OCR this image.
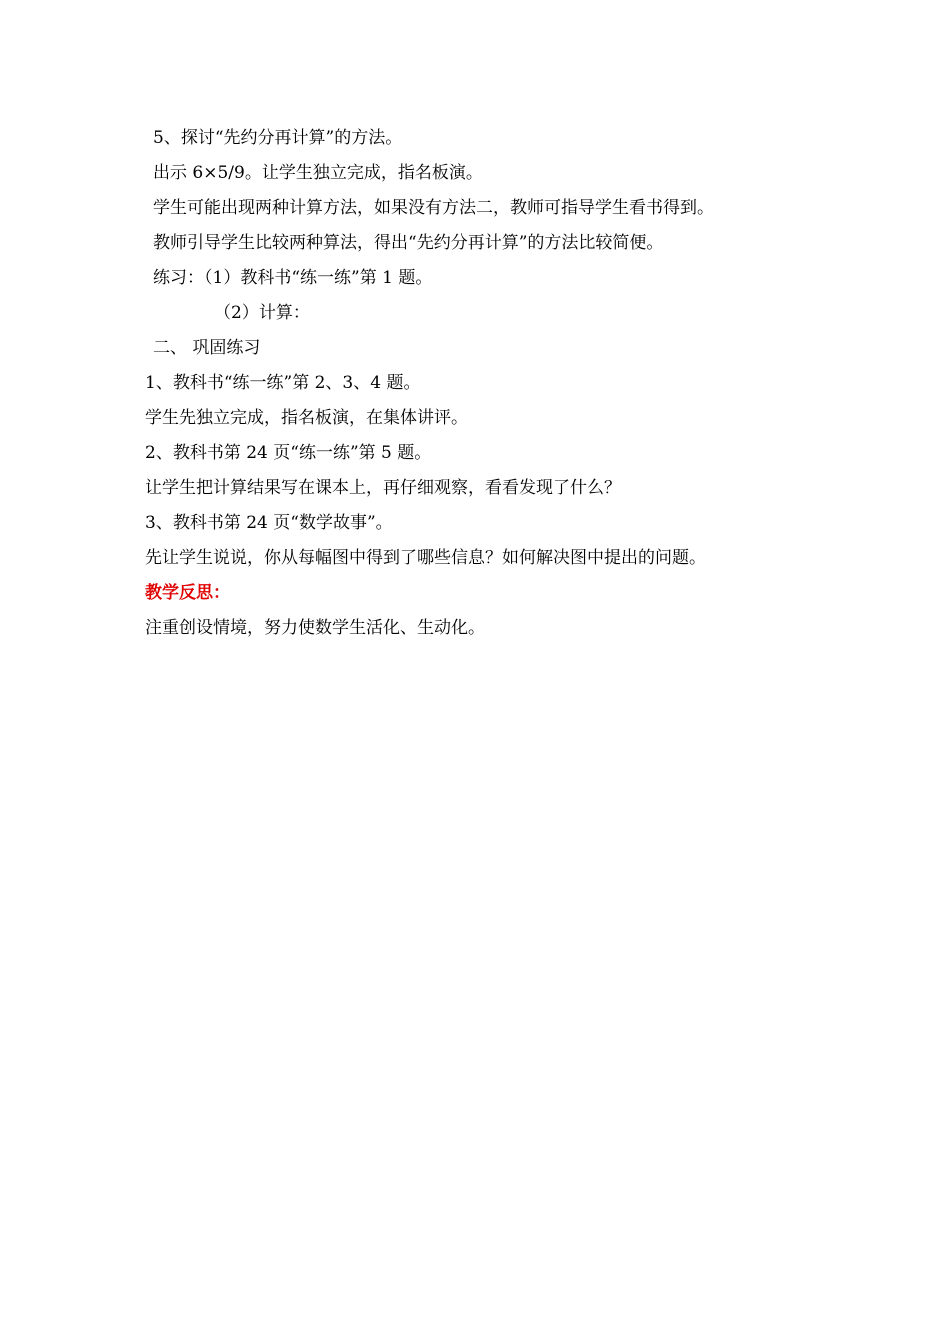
5、探讨“先约分再计算”的方法。
出示 6×5/9。让学生独立完成，指名板演。
学生可能出现两种计算方法，如果没有方法二，教师可指导学生看书得到。
教师引导学生比较两种算法，得出“先约分再计算”的方法比较简便。
练习：（1）教科书“练一练”第 1 题。
（2）计算：
二、 巩固练习
1、教科书“练一练”第 2、3、4 题。
学生先独立完成，指名板演，在集体讲评。
2、教科书第 24 页“练一练”第 5 题。
让学生把计算结果写在课本上，再仔细观察，看看发现了什么？
3、教科书第 24 页“数学故事”。
先让学生说说，你从每幅图中得到了哪些信息？如何解决图中提出的问题。
教学反思：
注重创设情境，努力使数学生活化、生动化。
